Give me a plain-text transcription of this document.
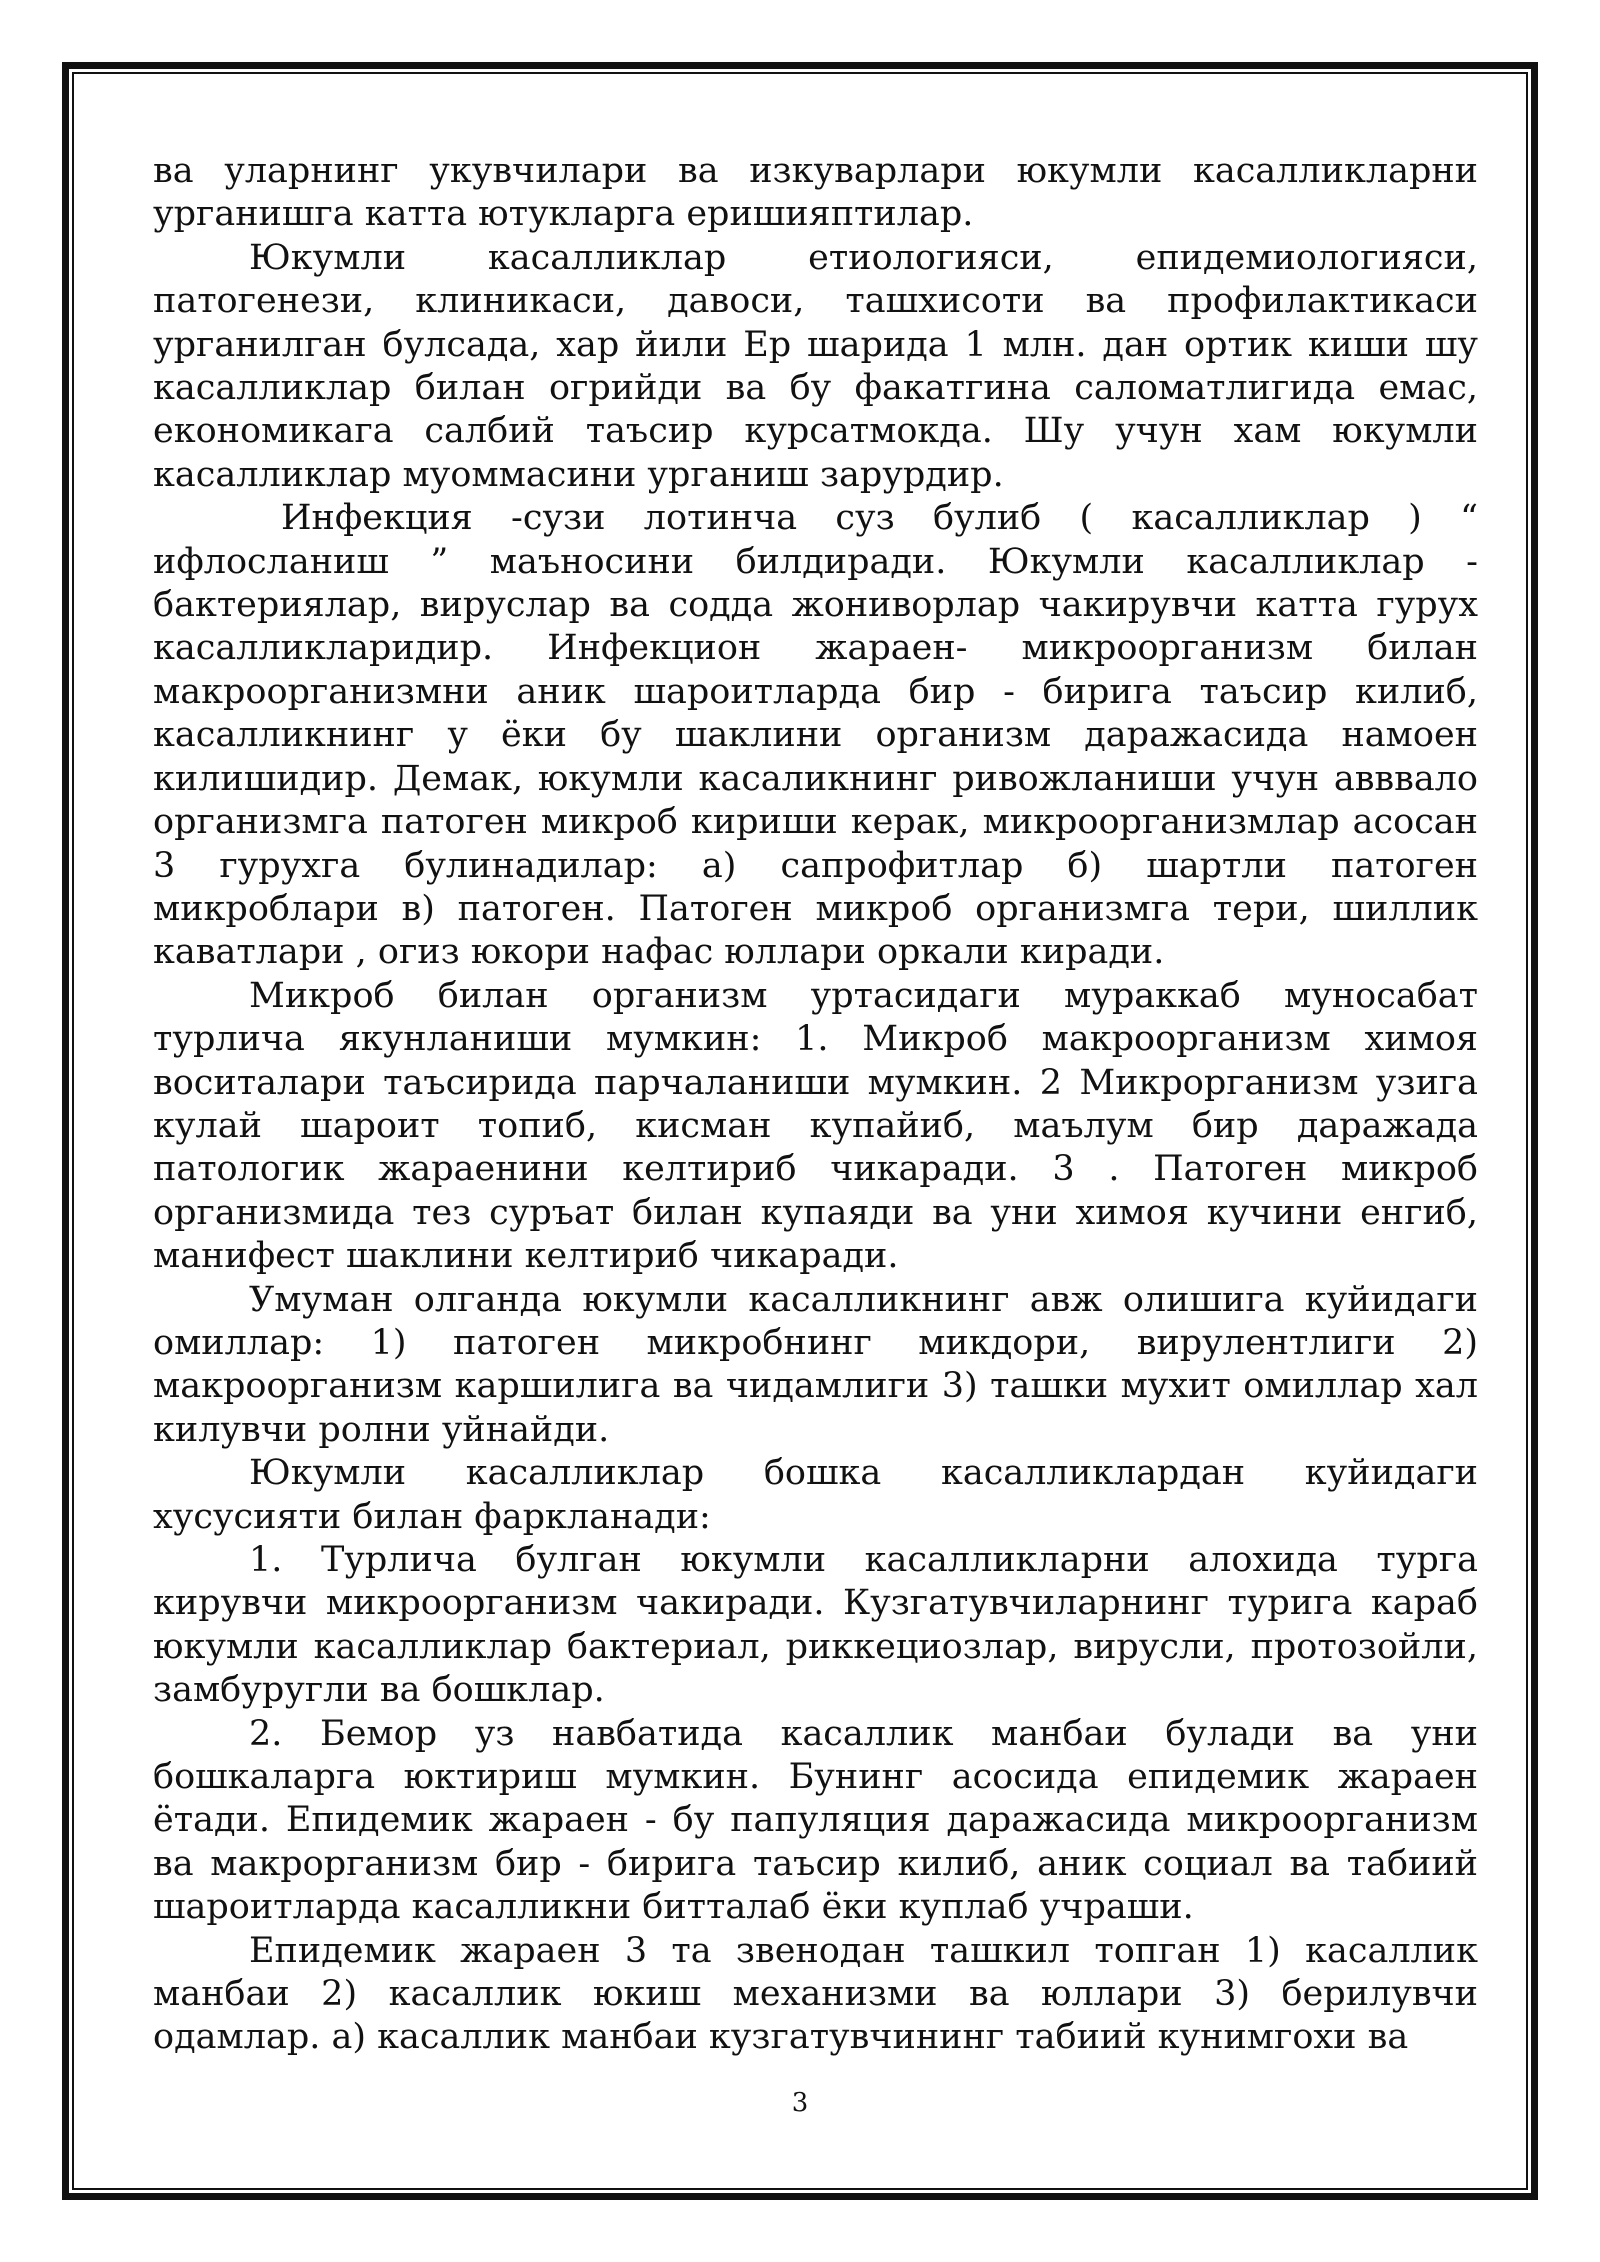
ва уларнинг укувчилари ва изкуварлари юкумли касалликларни урганишга катта ютукларга еришияптилар.

Юкумли касалликлар етиологияси, епидемиологияси, патогенези, клиникаси, давоси, ташхисоти ва профилактикаси урганилган булсада, хар йили Ер шарида 1 млн. дан ортик киши шу касалликлар билан огрийди ва бу факатгина саломатлигида емас, економикага салбий таъсир курсатмокда. Шу учун хам юкумли касалликлар муоммасини урганиш зарурдир.

Инфекция -сузи лотинча суз булиб ( касалликлар ) “ ифлосланиш ” маъносини билдиради. Юкумли касалликлар - бактериялар, вируслар ва содда жониворлар чакирувчи катта гурух касалликларидир. Инфекцион жараен- микроорганизм билан макроорганизмни аник шароитларда бир - бирига таъсир килиб, касалликнинг у ёки бу шаклини организм даражасида намоен килишидир. Демак, юкумли касаликнинг ривожланиши учун авввало организмга патоген микроб кириши керак, микроорганизмлар асосан 3 гурухга булинадилар: а) сапрофитлар б) шартли патоген микроблари в) патоген. Патоген микроб организмга тери, шиллик каватлари , огиз юкори нафас юллари оркали киради.

Микроб билан организм уртасидаги мураккаб муносабат турлича якунланиши мумкин: 1. Микроб макроорганизм химоя воситалари таъсирида парчаланиши мумкин. 2 Микрорганизм узига кулай шароит топиб, кисман купайиб, маълум бир даражада патологик жараенини келтириб чикаради. 3 . Патоген микроб организмида тез суръат билан купаяди ва уни химоя кучини енгиб, манифест шаклини келтириб чикаради.

Умуман олганда юкумли касалликнинг авж олишига куйидаги омиллар: 1) патоген микробнинг микдори, вирулентлиги 2) макроорганизм каршилига ва чидамлиги 3) ташки мухит омиллар хал килувчи ролни уйнайди.

Юкумли касалликлар бошка касалликлардан куйидаги хусусияти билан фаркланади:

1. Турлича булган юкумли касалликларни алохида турга кирувчи микроорганизм чакиради. Кузгатувчиларнинг турига караб юкумли касалликлар бактериал, риккециозлар, вирусли, протозойли, замбуругли ва бошклар.

2. Бемор уз навбатида касаллик манбаи булади ва уни бошкаларга юктириш мумкин. Бунинг асосида епидемик жараен ётади. Епидемик жараен - бу папуляция даражасида микроорганизм ва макрорганизм бир - бирига таъсир килиб, аник социал ва табиий шароитларда касалликни битталаб ёки куплаб учраши.

Епидемик жараен 3 та звенодан ташкил топган 1) касаллик манбаи 2) касаллик юкиш механизми ва юллари 3) берилувчи одамлар. а) касаллик манбаи кузгатувчининг табиий кунимгохи ва

3
